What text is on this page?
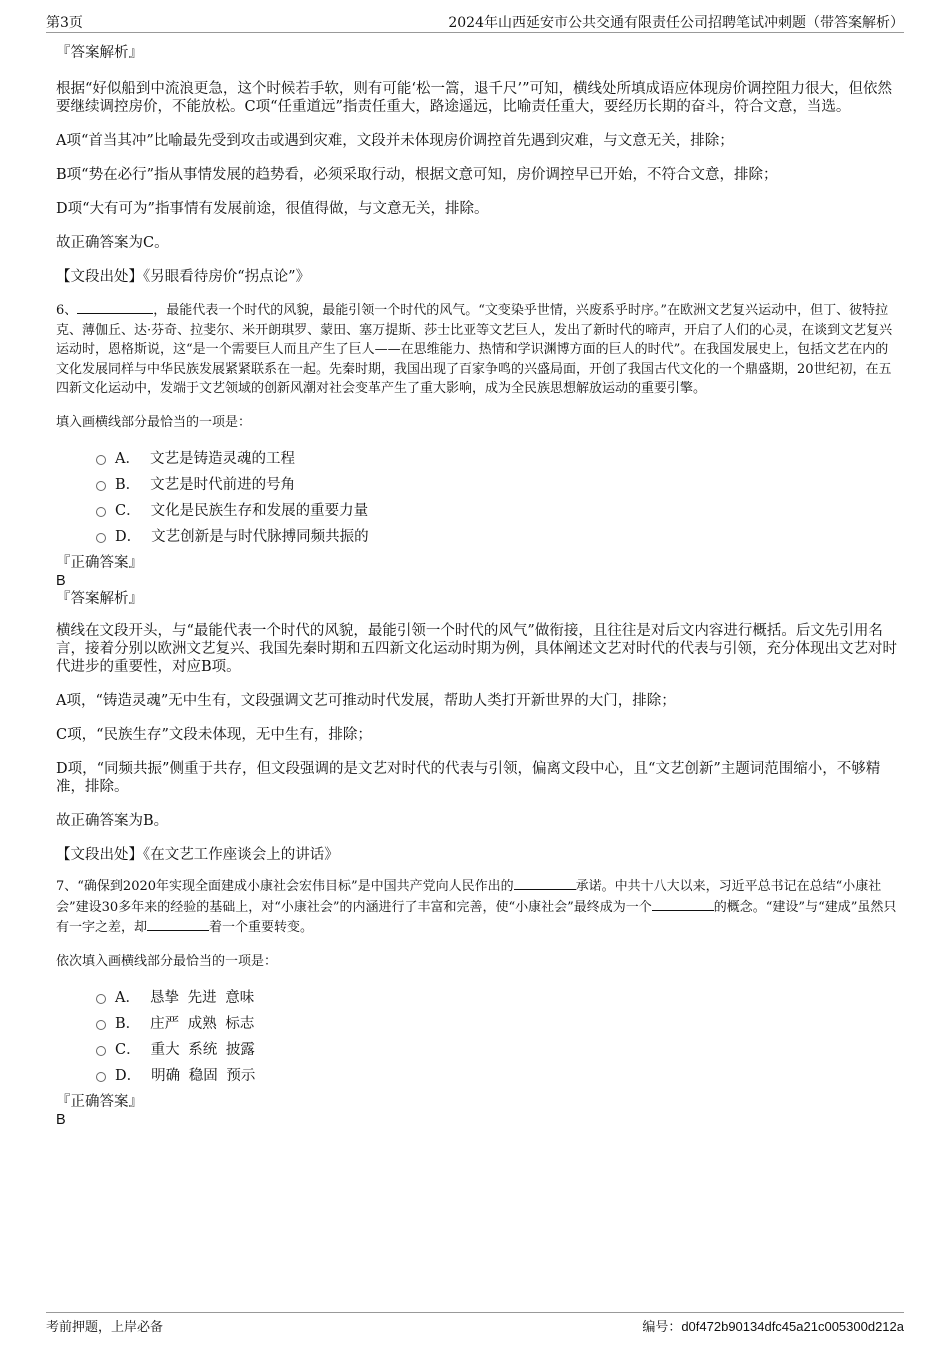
第3页	2024年山西延安市公共交通有限责任公司招聘笔试冲刺题（带答案解析）

『答案解析』

根据“好似船到中流浪更急，这个时候若手软，则有可能‘松一篙，退千尺’”可知，横线处所填成语应体现房价调控阻力很大，但依然要继续调控房价，不能放松。C项“任重道远”指责任重大，路途遥远，比喻责任重大，要经历长期的奋斗，符合文意，当选。

A项“首当其冲”比喻最先受到攻击或遇到灾难，文段并未体现房价调控首先遇到灾难，与文意无关，排除；

B项“势在必行”指从事情发展的趋势看，必须采取行动，根据文意可知，房价调控早已开始，不符合文意，排除；

D项“大有可为”指事情有发展前途，很值得做，与文意无关，排除。

故正确答案为C。

【文段出处】《另眼看待房价“拐点论”》

6、	，最能代表一个时代的风貌，最能引领一个时代的风气。“文变染乎世情，兴废系乎时序。”在欧洲文艺复兴运动中，但丁、彼特拉克、薄伽丘、达·芬奇、拉斐尔、米开朗琪罗、蒙田、塞万提斯、莎士比亚等文艺巨人，发出了新时代的啼声，开启了人们的心灵，在谈到文艺复兴运动时，恩格斯说，这“是一个需要巨人而且产生了巨人——在思维能力、热情和学识渊博方面的巨人的时代”。在我国发展史上，包括文艺在内的文化发展同样与中华民族发展紧紧联系在一起。先秦时期，我国出现了百家争鸣的兴盛局面，开创了我国古代文化的一个鼎盛期，20世纪初，在五四新文化运动中，发端于文艺领域的创新风潮对社会变革产生了重大影响，成为全民族思想解放运动的重要引擎。

填入画横线部分最恰当的一项是：

A． 文艺是铸造灵魂的工程
B． 文艺是时代前进的号角
C． 文化是民族生存和发展的重要力量
D． 文艺创新是与时代脉搏同频共振的

『正确答案』

B

『答案解析』

横线在文段开头，与“最能代表一个时代的风貌，最能引领一个时代的风气”做衔接，且往往是对后文内容进行概括。后文先引用名言，接着分别以欧洲文艺复兴、我国先秦时期和五四新文化运动时期为例，具体阐述文艺对时代的代表与引领，充分体现出文艺对时代进步的重要性，对应B项。

A项，“铸造灵魂”无中生有，文段强调文艺可推动时代发展，帮助人类打开新世界的大门，排除；

C项，“民族生存”文段未体现，无中生有，排除；

D项，“同频共振”侧重于共存，但文段强调的是文艺对时代的代表与引领，偏离文段中心，且“文艺创新”主题词范围缩小，不够精准，排除。

故正确答案为B。

【文段出处】《在文艺工作座谈会上的讲话》

7、“确保到2020年实现全面建成小康社会宏伟目标”是中国共产党向人民作出的	承诺。中共十八大以来，习近平总书记在总结“小康社会”建设30多年来的经验的基础上，对“小康社会”的内涵进行了丰富和完善，使“小康社会”最终成为一个	的概念。“建设”与“建成”虽然只有一字之差，却	着一个重要转变。

依次填入画横线部分最恰当的一项是：

A． 恳挚 先进 意味
B． 庄严 成熟 标志
C． 重大 系统 披露
D． 明确 稳固 预示

『正确答案』

B

考前押题，上岸必备	编号：d0f472b90134dfc45a21c005300d212a
